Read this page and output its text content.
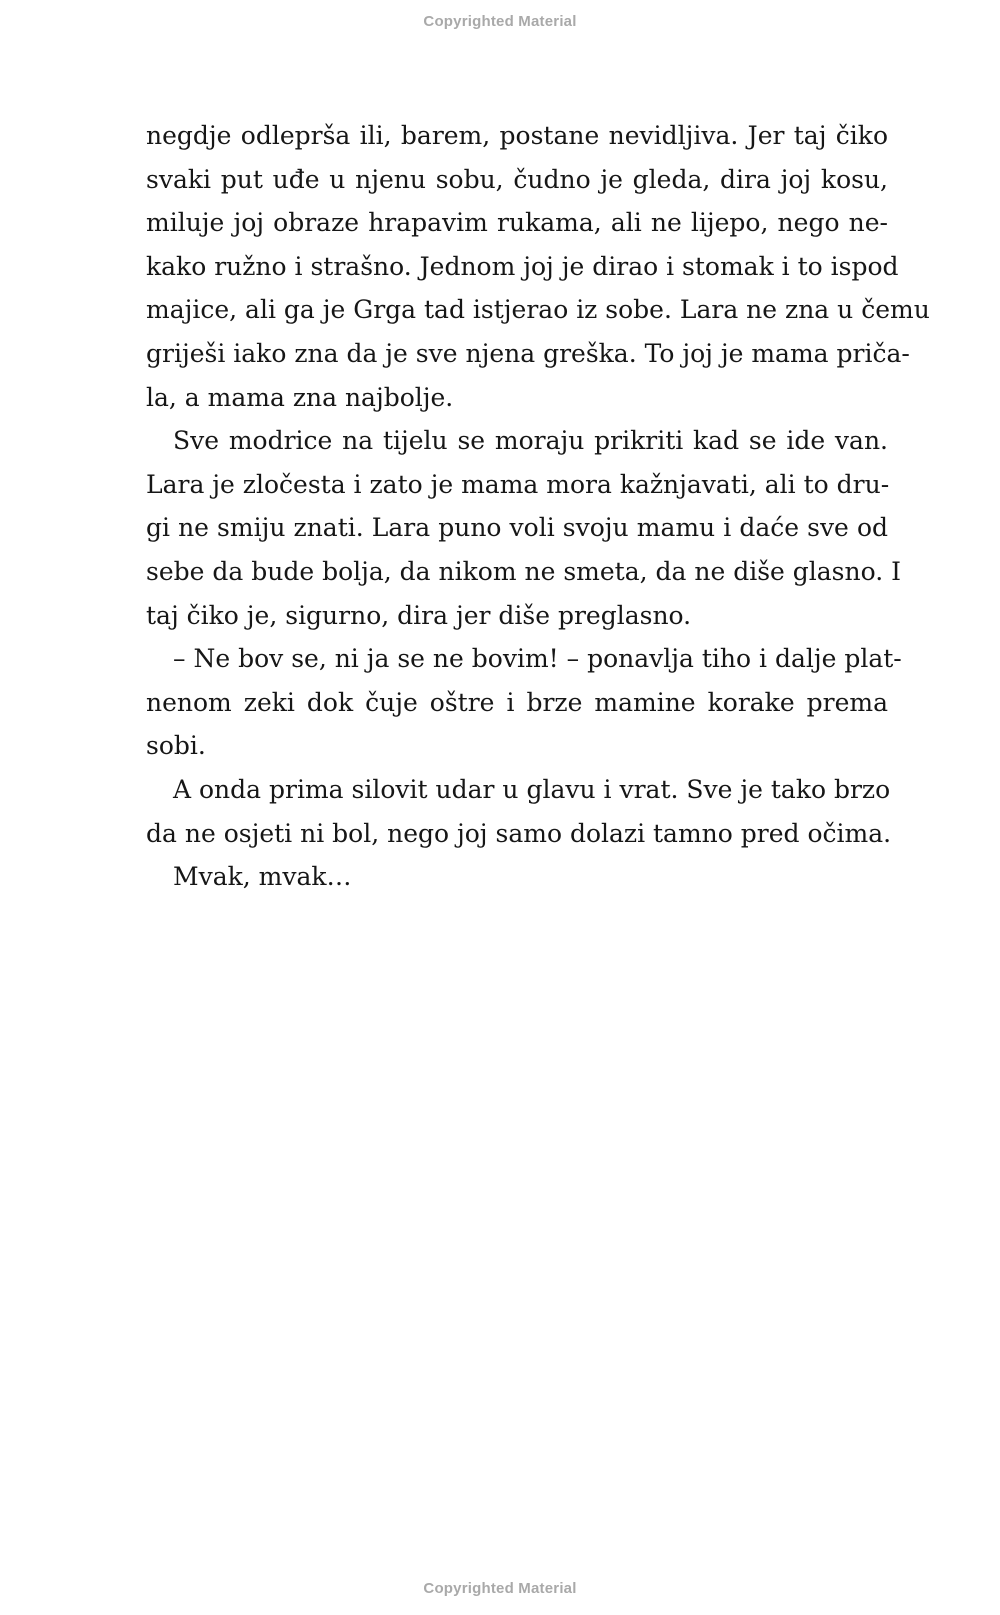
Copyrighted Material
negdje odleprša ili, barem, postane nevidljiva. Jer taj čiko
svaki put uđe u njenu sobu, čudno je gleda, dira joj kosu,
miluje joj obraze hrapavim rukama, ali ne lijepo, nego ne-
kako ružno i strašno. Jednom joj je dirao i stomak i to ispod
majice, ali ga je Grga tad istjerao iz sobe. Lara ne zna u čemu
griješi iako zna da je sve njena greška. To joj je mama priča-
la, a mama zna najbolje.
Sve modrice na tijelu se moraju prikriti kad se ide van.
Lara je zločesta i zato je mama mora kažnjavati, ali to dru-
gi ne smiju znati. Lara puno voli svoju mamu i daće sve od
sebe da bude bolja, da nikom ne smeta, da ne diše glasno. I
taj čiko je, sigurno, dira jer diše preglasno.
– Ne bov se, ni ja se ne bovim! – ponavlja tiho i dalje plat-
nenom zeki dok čuje oštre i brze mamine korake prema
sobi.
A onda prima silovit udar u glavu i vrat. Sve je tako brzo
da ne osjeti ni bol, nego joj samo dolazi tamno pred očima.
Mvak, mvak…
Copyrighted Material
